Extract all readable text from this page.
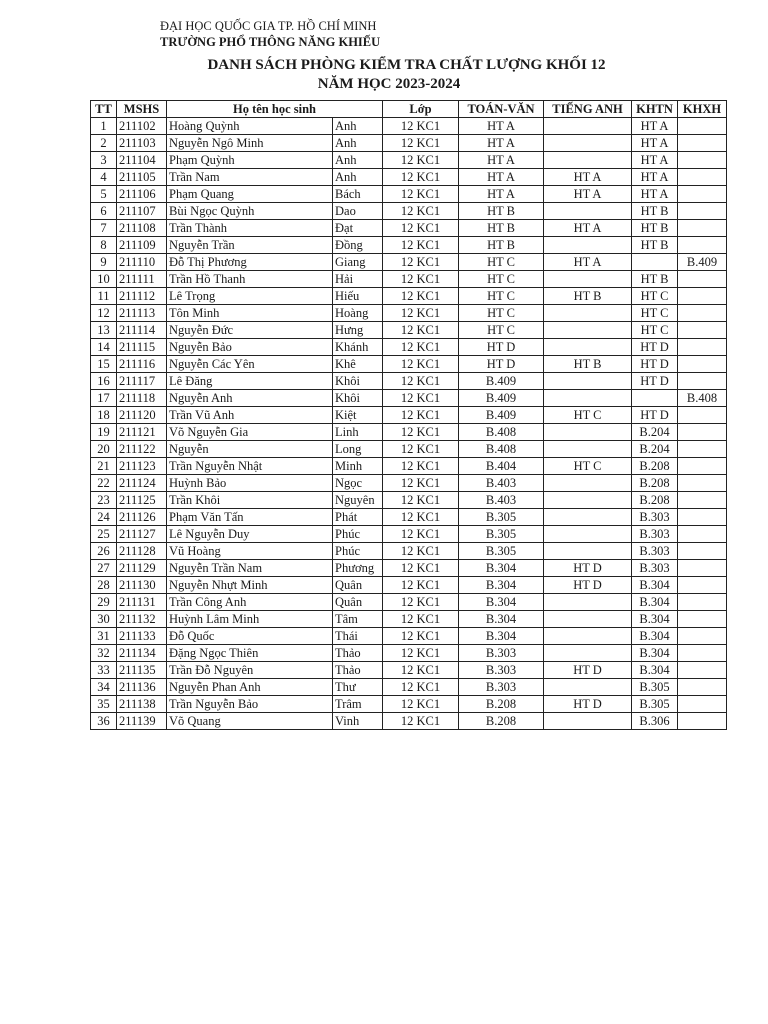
ĐẠI HỌC QUỐC GIA TP. HỒ CHÍ MINH
TRƯỜNG PHỔ THÔNG NĂNG KHIẾU
DANH SÁCH PHÒNG KIỂM TRA CHẤT LƯỢNG KHỐI 12
NĂM HỌC 2023-2024
TT	MSHS	Họ tên học sinh		Lớp	TOÁN-VĂN	TIẾNG ANH	KHTN	KHXH
1	211102	Hoàng Quỳnh	Anh	12 KC1	HT A		HT A	
2	211103	Nguyễn Ngô Minh	Anh	12 KC1	HT A		HT A	
3	211104	Phạm Quỳnh	Anh	12 KC1	HT A		HT A	
4	211105	Trần Nam	Anh	12 KC1	HT A	HT A	HT A	
5	211106	Phạm Quang	Bách	12 KC1	HT A	HT A	HT A	
6	211107	Bùi Ngọc Quỳnh	Dao	12 KC1	HT B		HT B	
7	211108	Trần Thành	Đạt	12 KC1	HT B	HT A	HT B	
8	211109	Nguyễn Trần	Đồng	12 KC1	HT B		HT B	
9	211110	Đỗ Thị Phương	Giang	12 KC1	HT C	HT A		B.409
10	211111	Trần Hồ Thanh	Hải	12 KC1	HT C		HT B	
11	211112	Lê Trọng	Hiếu	12 KC1	HT C	HT B	HT C	
12	211113	Tôn Minh	Hoàng	12 KC1	HT C		HT C	
13	211114	Nguyễn Đức	Hưng	12 KC1	HT C		HT C	
14	211115	Nguyễn Bảo	Khánh	12 KC1	HT D		HT D	
15	211116	Nguyễn Các Yên	Khê	12 KC1	HT D	HT B	HT D	
16	211117	Lê Đăng	Khôi	12 KC1	B.409		HT D	
17	211118	Nguyễn Anh	Khôi	12 KC1	B.409			B.408
18	211120	Trần Vũ Anh	Kiệt	12 KC1	B.409	HT C	HT D	
19	211121	Võ Nguyễn Gia	Linh	12 KC1	B.408		B.204	
20	211122	Nguyễn	Long	12 KC1	B.408		B.204	
21	211123	Trần Nguyễn Nhật	Minh	12 KC1	B.404	HT C	B.208	
22	211124	Huỳnh Bảo	Ngọc	12 KC1	B.403		B.208	
23	211125	Trần Khôi	Nguyên	12 KC1	B.403		B.208	
24	211126	Phạm Văn Tấn	Phát	12 KC1	B.305		B.303	
25	211127	Lê Nguyễn Duy	Phúc	12 KC1	B.305		B.303	
26	211128	Vũ Hoàng	Phúc	12 KC1	B.305		B.303	
27	211129	Nguyễn Trần Nam	Phương	12 KC1	B.304	HT D	B.303	
28	211130	Nguyễn Nhựt Minh	Quân	12 KC1	B.304	HT D	B.304	
29	211131	Trần Công Anh	Quân	12 KC1	B.304		B.304	
30	211132	Huỳnh Lâm Minh	Tâm	12 KC1	B.304		B.304	
31	211133	Đỗ Quốc	Thái	12 KC1	B.304		B.304	
32	211134	Đặng Ngọc Thiên	Thảo	12 KC1	B.303		B.304	
33	211135	Trần Đỗ Nguyên	Thảo	12 KC1	B.303	HT D	B.304	
34	211136	Nguyễn Phan Anh	Thư	12 KC1	B.303		B.305	
35	211138	Trần Nguyễn Bảo	Trâm	12 KC1	B.208	HT D	B.305	
36	211139	Võ Quang	Vinh	12 KC1	B.208		B.306	
